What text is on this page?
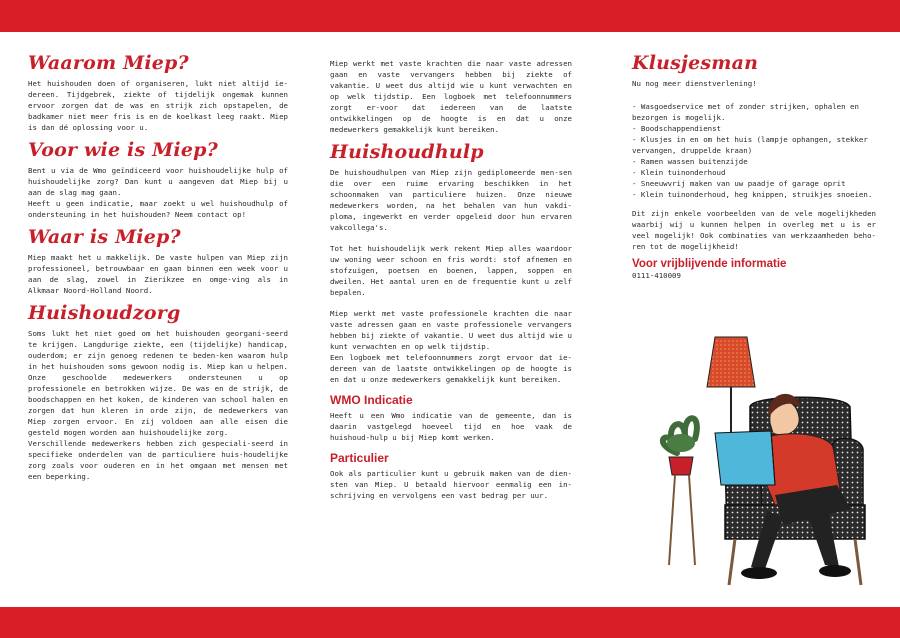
Waarom Miep?

Het huishouden doen of organiseren, lukt niet altijd ie-dereen. Tijdgebrek, ziekte of tijdelijk ongemak kunnen ervoor zorgen dat de was en strijk zich opstapelen, de badkamer niet meer fris is en de koelkast leeg raakt. Miep is dan dé oplossing voor u.

Voor wie is Miep?

Bent u via de Wmo geïndiceerd voor huishoudelijke hulp of huishoudelijke zorg? Dan kunt u aangeven dat Miep bij u aan de slag mag gaan.

Heeft u geen indicatie, maar zoekt u wel huishoudhulp of ondersteuning in het huishouden? Neem contact op!

Waar is Miep?

Miep maakt het u makkelijk. De vaste hulpen van Miep zijn professioneel, betrouwbaar en gaan binnen een week voor u aan de slag, zowel in Zierikzee en omge-ving als in Alkmaar Noord-Holland Noord.

Huishoudzorg

Soms lukt het niet goed om het huishouden georgani-seerd te krijgen. Langdurige ziekte, een (tijdelijke) handicap, ouderdom; er zijn genoeg redenen te beden-ken waarom hulp in het huishouden soms gewoon nodig is. Miep kan u helpen. Onze geschoolde medewerkers ondersteunen u op professionele en betrokken wijze. De was en de strijk, de boodschappen en het koken, de kinderen van school halen en zorgen dat hun kleren in orde zijn, de medewerkers van Miep zorgen ervoor. En zij voldoen aan alle eisen die gesteld mogen worden aan huishoudelijke zorg.

Verschillende medewerkers hebben zich gespeciali-seerd in specifieke onderdelen van de particuliere huis-houdelijke zorg zoals voor ouderen en in het omgaan met mensen met een beperking.

Miep werkt met vaste krachten die naar vaste adressen gaan en vaste vervangers hebben bij ziekte of vakantie. U weet dus altijd wie u kunt verwachten en op welk tijdstip. Een logboek met telefoonnummers zorgt er-voor dat iedereen van de laatste ontwikkelingen op de hoogte is en dat u onze medewerkers gemakkelijk kunt bereiken.

Huishoudhulp

De huishoudhulpen van Miep zijn gediplomeerde men-sen die over een ruime ervaring beschikken in het schoonmaken van particuliere huizen. Onze nieuwe medewerkers worden, na het behalen van hun vakdi-ploma, ingewerkt en verder opgeleid door hun ervaren vakcollega's.

Tot het huishoudelijk werk rekent Miep alles waardoor uw woning weer schoon en fris wordt: stof afnemen en stofzuigen, poetsen en boenen, lappen, soppen en dweilen. Het aantal uren en de frequentie kunt u zelf bepalen.

Miep werkt met vaste professionele krachten die naar vaste adressen gaan en vaste professionele vervangers hebben bij ziekte of vakantie. U weet dus altijd wie u kunt verwachten en op welk tijdstip.

Een logboek met telefoonnummers zorgt ervoor dat ie-dereen van de laatste ontwikkelingen op de hoogte is en dat u onze medewerkers gemakkelijk kunt bereiken.

WMO Indicatie

Heeft u een Wmo indicatie van de gemeente, dan is daarin vastgelegd hoeveel tijd en hoe vaak de huishoud-hulp u bij Miep komt werken.

Particulier

Ook als particulier kunt u gebruik maken van de dien-sten van Miep. U betaald hiervoor eenmalig een in-schrijving en vervolgens een vast bedrag per uur.

Klusjesman

Nu nog meer dienstverlening!

- Wasgoedservice met of zonder strijken, ophalen en bezorgen is mogelijk.
- Boodschappendienst
- Klusjes in en om het huis (lampje ophangen, stekker vervangen, druppelde kraan)
- Ramen wassen buitenzijde
- Klein tuinonderhoud
- Sneeuwvrij maken van uw paadje of garage oprit
- Klein tuinonderhoud, heg knippen, struikjes snoeien.

Dit zijn enkele voorbeelden van de vele mogelijkheden waarbij wij u kunnen helpen in overleg met u is er veel mogelijk! Ook combinaties van werkzaamheden beho-ren tot de mogelijkheid!

Voor vrijblijvende informatie
0111-410009
